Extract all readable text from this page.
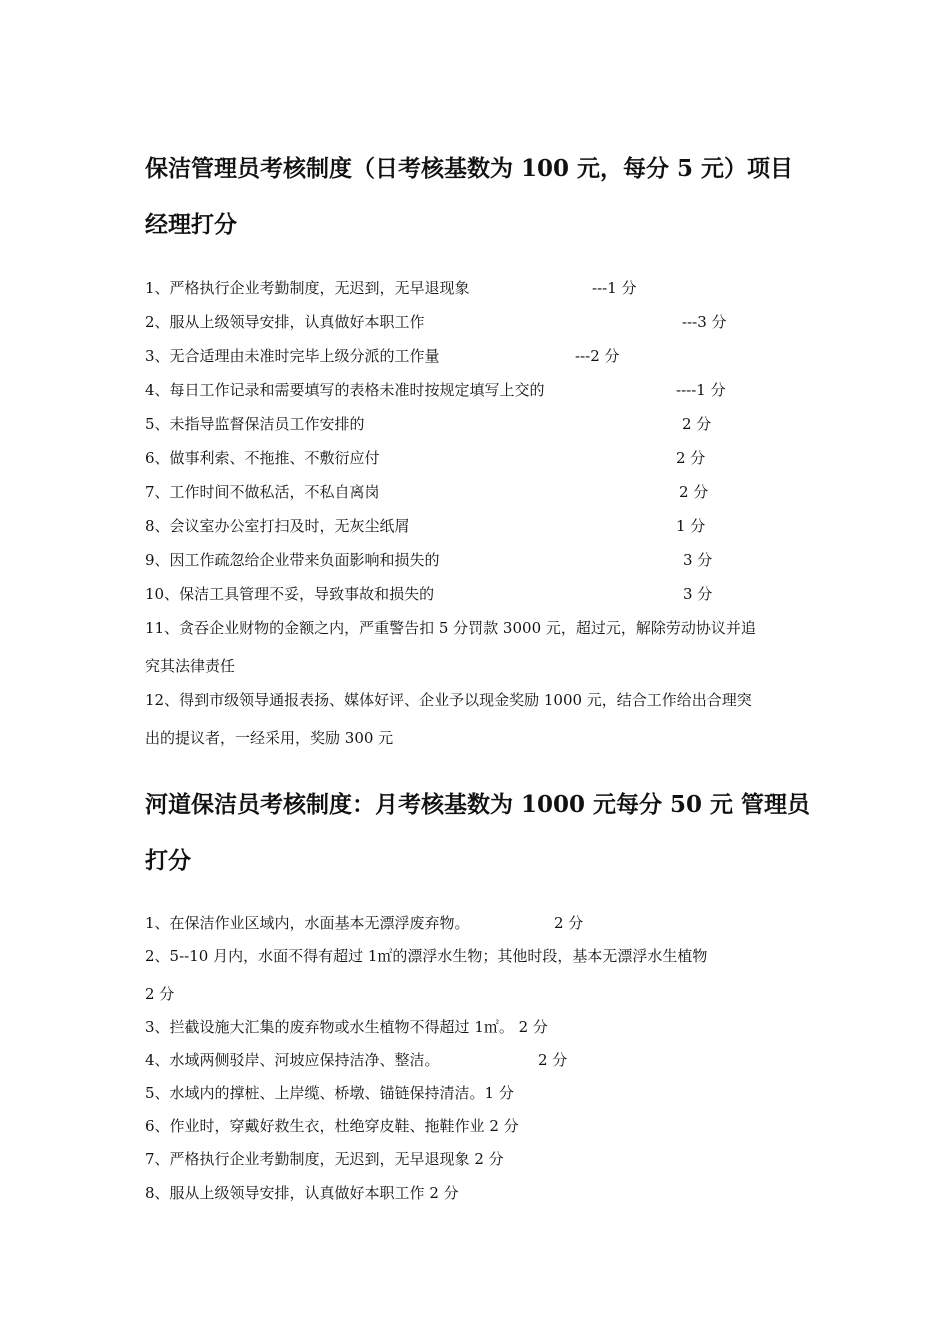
保洁管理员考核制度（日考核基数为 100 元，每分 5 元）项目
经理打分
1、严格执行企业考勤制度，无迟到，无早退现象	---1 分
2、服从上级领导安排，认真做好本职工作	---3 分
3、无合适理由未准时完毕上级分派的工作量	---2 分
4、每日工作记录和需要填写的表格未准时按规定填写上交的	----1 分
5、未指导监督保洁员工作安排的	2 分
6、做事利索、不拖推、不敷衍应付	2 分
7、工作时间不做私活，不私自离岗	2 分
8、会议室办公室打扫及时，无灰尘纸屑	1 分
9、因工作疏忽给企业带来负面影响和损失的	3 分
10、保洁工具管理不妥，导致事故和损失的	3 分
11、贪吞企业财物的金额之内，严重警告扣 5 分罚款 3000 元，超过元，解除劳动协议并追
究其法律责任
12、得到市级领导通报表扬、媒体好评、企业予以现金奖励 1000 元，结合工作给出合理突
出的提议者，一经采用，奖励 300 元
河道保洁员考核制度：月考核基数为 1000 元每分 50 元 管理员
打分
1、在保洁作业区域内，水面基本无漂浮废弃物。	2 分
2、5--10 月内，水面不得有超过 1㎡的漂浮水生物；其他时段，基本无漂浮水生植物
2 分
3、拦截设施大汇集的废弃物或水生植物不得超过 1㎡。 2 分
4、水域两侧驳岸、河坡应保持洁净、整洁。	2 分
5、水域内的撑桩、上岸缆、桥墩、锚链保持清洁。1 分
6、作业时，穿戴好救生衣，杜绝穿皮鞋、拖鞋作业 2 分
7、严格执行企业考勤制度，无迟到，无早退现象 2 分
8、服从上级领导安排，认真做好本职工作 2 分
